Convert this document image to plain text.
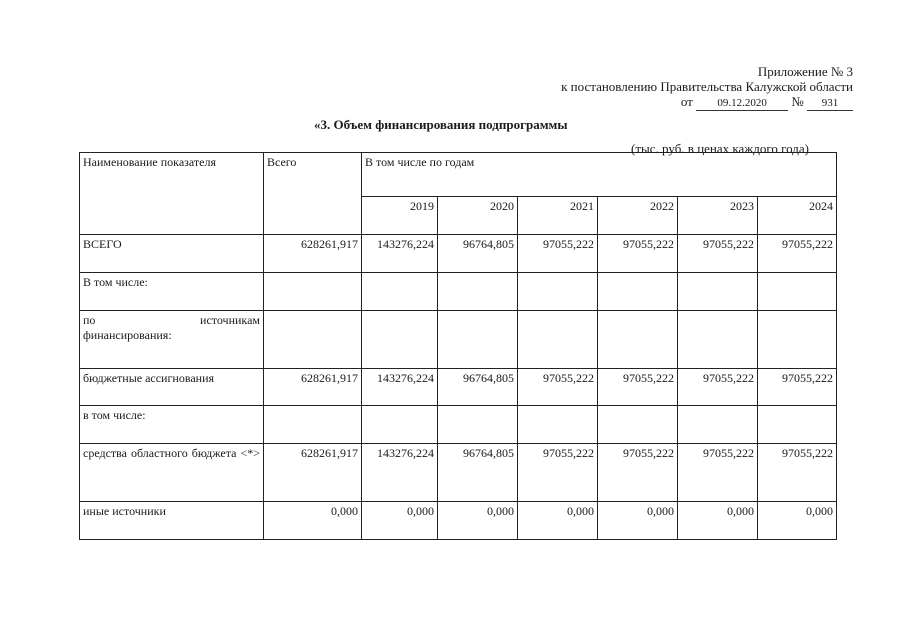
Приложение № 3
к постановлению Правительства Калужской области
от 09.12.2020 № 931
«3. Объем финансирования подпрограммы
(тыс. руб. в ценах каждого года)
Наименование показателя	Всего	В том числе по годам					
		2019	2020	2021	2022	2023	2024
ВСЕГО	628261,917	143276,224	96764,805	97055,222	97055,222	97055,222	97055,222
В том числе:							

по источникам
финансирования:							

бюджетные ассигнования	628261,917	143276,224	96764,805	97055,222	97055,222	97055,222	97055,222
в том числе:							
средства областного бюджета <*>	628261,917	143276,224	96764,805	97055,222	97055,222	97055,222	97055,222
иные источники	0,000	0,000	0,000	0,000	0,000	0,000	0,000
